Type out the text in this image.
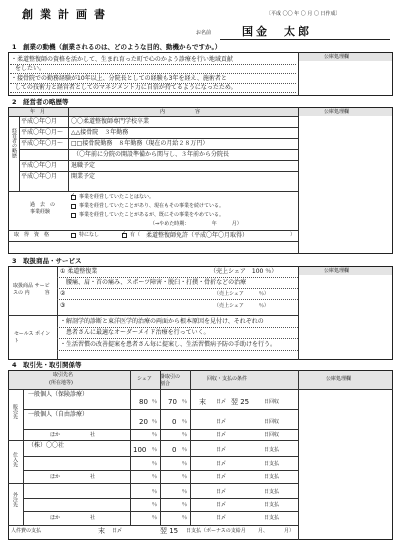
創業計画書	〔平成 〇〇 年 〇 月 〇 日作成〕
お名前	国金　太郎
1　創業の動機（創業されるのは、どのような目的、動機からですか。）
公庫処理欄
・柔道整復師の資格を活かして、生まれ育った町で心のかよう診療を行い地域貢献
をしたい。
・接骨院での勤務経験が10年以上、分院長としての経験も3年を経え、施術者と
しての技術力と経営者としてのマネジメント力に自信が持てるようになったため。
2　経営者の略歴等
公庫処理欄
年　月	内　　　　　　容
経営者の略歴
平成〇年〇月 〇〇柔道整復師専門学校卒業
平成〇年〇月～ △△接骨院　３年勤務
平成〇年〇月～ □□接骨院勤務　８年勤務（現在の月給２８万円）
（〇年前に分院の開設準備から関与し、３年前から分院長
平成〇年〇月 退職予定
平成〇年〇月 開業予定
過　去　の 事業経験
✓ 事業を経営していたことはない。
事業を経営していたことがあり、現在もその事業を続けている。
事業を経営していたことがあるが、既にその事業をやめている。
（⇒やめた時期：　　　　　年　　　月）
取　得　資　格	特になし	✓ 有（ 柔道整復師免許（平成〇年〇月取得）	）
3　取扱商品・サービス
公庫処理欄
取扱商品 サービスの 内　　　容
① 柔道整復業	（売上シェア　100 ％）
腰痛、肩・首の痛み、スポーツ障害・脱臼・打撲・骨折などの治療
②	（売上シェア　　　％）
③	（売上シェア　　　％）
セールス ポイント
・解剖学的診断と東洋医学的治療の両面から根本原因を見付け、それぞれの
患者さんに最適なオーダーメイド治療を行っていく。
・生活習慣の改善提案を患者さん毎に提案し、生活習慣病予防の手助けを行う。
4　取引先・取引関係等
取引先名
(所在地等)
シェア 掛取引の割合
回収・支払の条件	公庫処理欄
販売先
一般個人（保険診療）
80 ％ 70 ％ 末 日〆 翌 25	日回収
一般個人（自由診療）
20 ％ 0 ％	日〆	日回収
ほか	社	％	％	日〆	日回収
仕入先
（株）〇〇社
100 ％ 0 ％	日〆	日支払
％	％	日〆	日支払
ほか	社	％	％	日〆	日支払
外注先	％	％	日〆	日支払
％	％	日〆	日支払
ほか	社	％	％	日〆	日支払
人件費の支払	末 日〆	翌 15 日支払（ボーナスの支給月 月、	月）
